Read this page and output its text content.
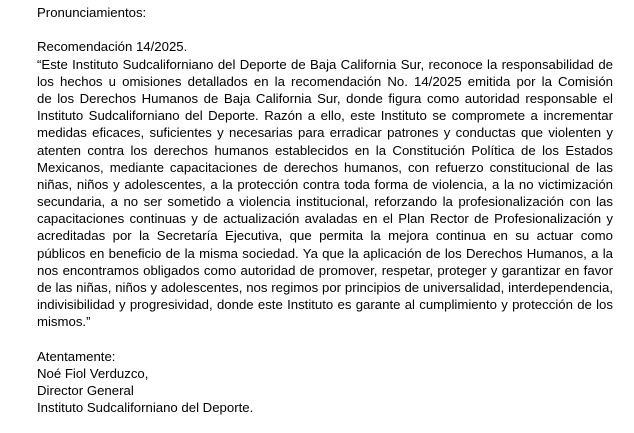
Pronunciamientos:
Recomendación 14/2025.
“Este Instituto Sudcaliforniano del Deporte de Baja California Sur, reconoce la responsabilidad de
los hechos u omisiones detallados en la recomendación No. 14/2025 emitida por la Comisión
de los Derechos Humanos de Baja California Sur, donde figura como autoridad responsable el
Instituto Sudcaliforniano del Deporte. Razón a ello, este Instituto se compromete a incrementar
medidas eficaces, suficientes y necesarias para erradicar patrones y conductas que violenten y
atenten contra los derechos humanos establecidos en la Constitución Política de los Estados
Mexicanos, mediante capacitaciones de derechos humanos, con refuerzo constitucional de las
niñas, niños y adolescentes, a la protección contra toda forma de violencia, a la no victimización
secundaria, a no ser sometido a violencia institucional, reforzando la profesionalización con las
capacitaciones continuas y de actualización avaladas en el Plan Rector de Profesionalización y
acreditadas por la Secretaría Ejecutiva, que permita la mejora continua en su actuar como
públicos en beneficio de la misma sociedad. Ya que la aplicación de los Derechos Humanos, a la
nos encontramos obligados como autoridad de promover, respetar, proteger y garantizar en favor
de las niñas, niños y adolescentes, nos regimos por principios de universalidad, interdependencia,
indivisibilidad y progresividad, donde este Instituto es garante al cumplimiento y protección de los
mismos.”
Atentamente:
Noé Fiol Verduzco,
Director General
Instituto Sudcaliforniano del Deporte.
